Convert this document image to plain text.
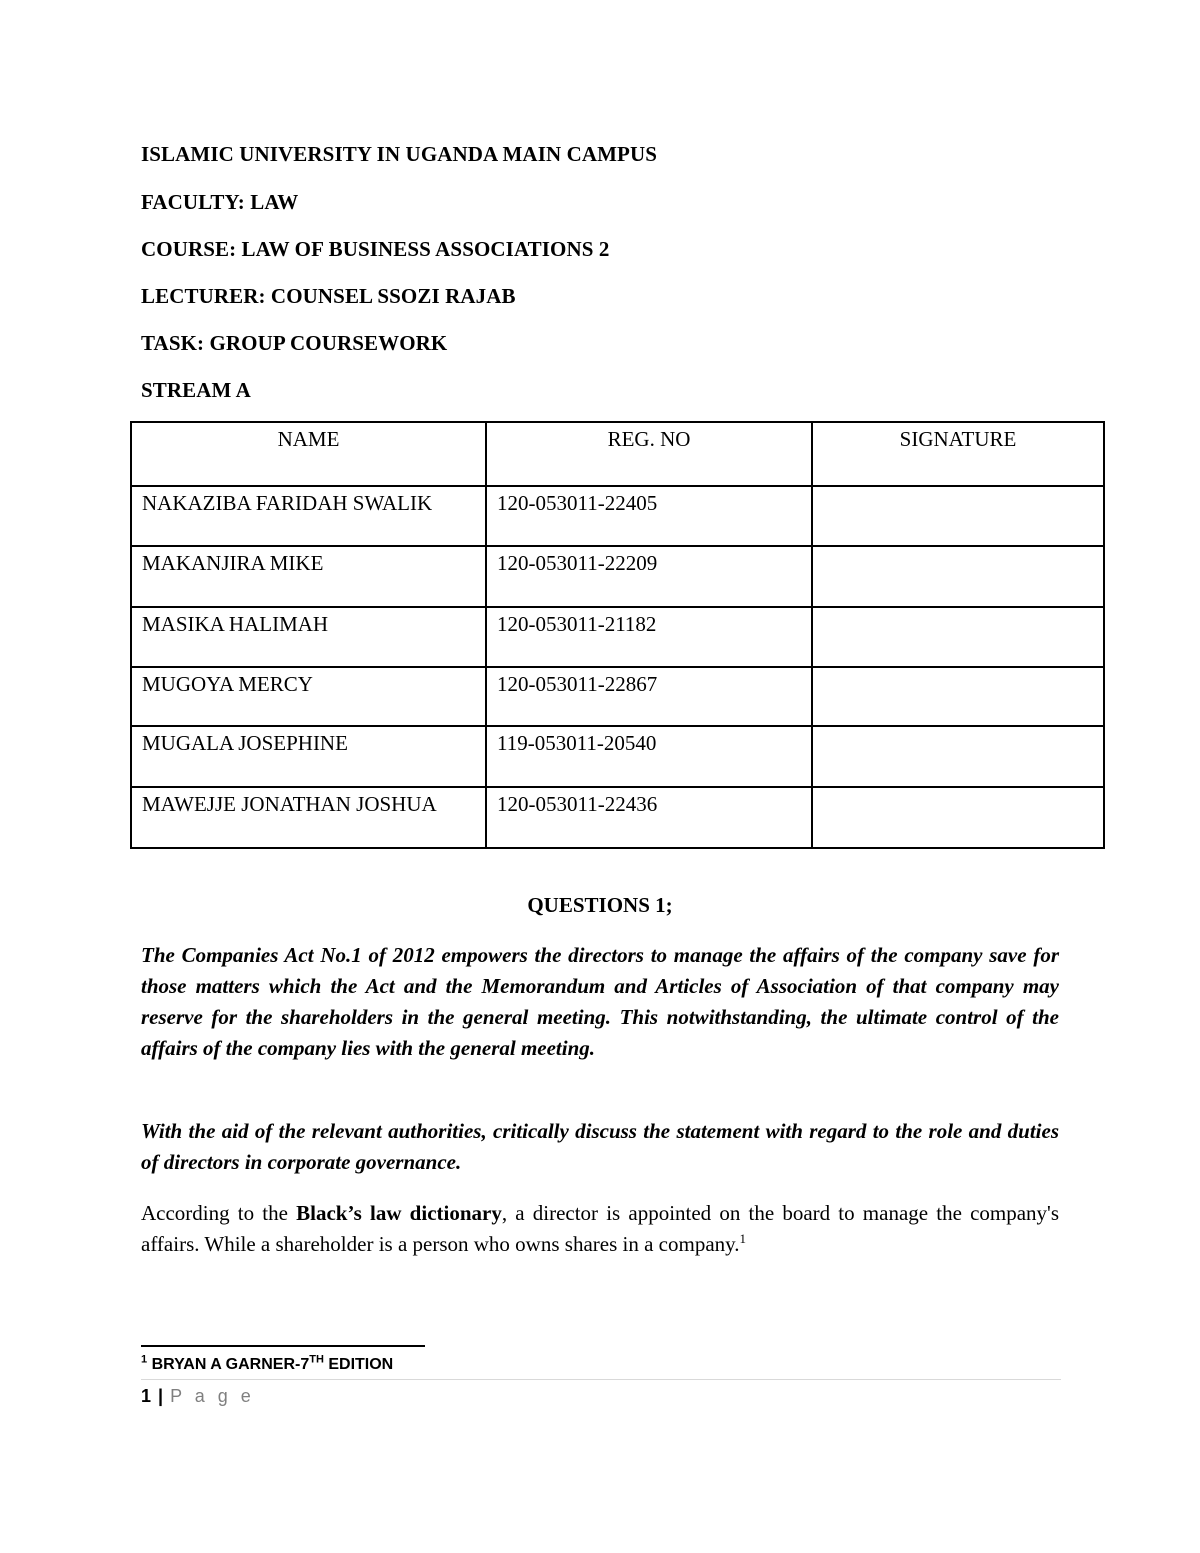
ISLAMIC UNIVERSITY IN UGANDA MAIN CAMPUS
FACULTY: LAW
COURSE: LAW OF BUSINESS ASSOCIATIONS 2
LECTURER: COUNSEL SSOZI RAJAB
TASK: GROUP COURSEWORK
STREAM A
NAME	REG. NO	SIGNATURE
NAKAZIBA FARIDAH SWALIK	120-053011-22405	
MAKANJIRA MIKE	120-053011-22209	
MASIKA HALIMAH	120-053011-21182	
MUGOYA MERCY	120-053011-22867	
MUGALA JOSEPHINE	119-053011-20540	
MAWEJJE JONATHAN JOSHUA	120-053011-22436	
QUESTIONS 1;
The Companies Act No.1 of 2012 empowers the directors to manage the affairs of the company save for those matters which the Act and the Memorandum and Articles of Association of that company may reserve for the shareholders in the general meeting. This notwithstanding, the ultimate control of the affairs of the company lies with the general meeting.
With the aid of the relevant authorities, critically discuss the statement with regard to the role and duties of directors in corporate governance.
According to the Black’s law dictionary, a director is appointed on the board to manage the company's affairs. While a shareholder is a person who owns shares in a company.$^1$
$^1$ BRYAN A GARNER-7TH EDITION
1 | P a g e
